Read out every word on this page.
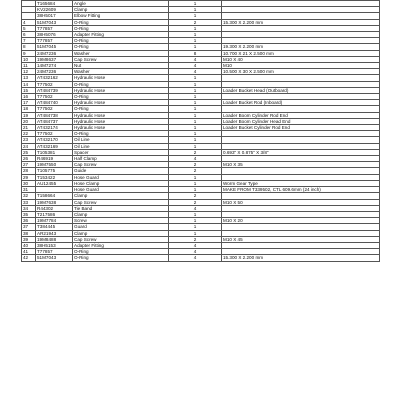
	T165684	Angle	1	
	KV22609	Clamp	1	
	38H5017	Elbow Fitting	1	
4	51M7043	O-Ring	2	15.300 X 2.200 mm
5	T77857	O-Ring	1	
6	38H5076	Adapter Fitting	1	
7	T77857	O-Ring	1	
8	51M7045	O-Ring	1	19.300 X 2.200 mm
9	24M7236	Washer	8	10.700 X 21 X 2.500 mm
10	19M8637	Cap Screw	4	M10 X 40
11	14M7274	Nut	4	M10
12	24M7236	Washer	4	10.500 X 30 X 2.500 mm
13	AT432162	Hydraulic Hose	1	
14	T77502	O-Ring	1	
15	AT484739	Hydraulic Hose	1	Loader Bucket Head (Outboard)
16	T77502	O-Ring	1	
17	AT484740	Hydraulic Hose	1	Loader Bucket Rod (Inboard)
18	T77502	O-Ring	1	
19	AT484738	Hydraulic Hose	1	Loader Boom Cylinder Rod End
20	AT484737	Hydraulic Hose	1	Loader Boom Cylinder Head End
21	AT432174	Hydraulic Hose	1	Loader Bucket Cylinder Rod End
22	T77502	O-Ring	1	
23	AT432170	Oil Line	1	
24	AT432169	Oil Line	1	
25	T105381	Spacer	2	0.693" X 0.875" X 3/8"
26	R46919	Half Clamp	4	
27	19M7550	Cap Screw	2	M10 X 35
28	T105775	Guide	2	
29	T153422	Hose Guard	1	
30	AU12455	Hose Clamp	1	Worm Gear Type
31		Hose Guard	1	MAKE FROM T339502, CTL 609.6mm (24 inch)
32	T158664	Clamp	2	
33	19M7638	Cap Screw	2	M10 X 50
34	R44302	Tie Band	4	
35	T217586	Clamp	1	
36	19M7784	Screw	1	M10 X 20
37	T384445	Guard	1	
38	AR21943	Clamp	1	
39	19M8488	Cap Screw	2	M10 X 45
40	38H5153	Adapter Fitting	4	
41	T77857	O-Ring	4	
42	51M7043	O-Ring	4	15.300 X 2.200 mm
